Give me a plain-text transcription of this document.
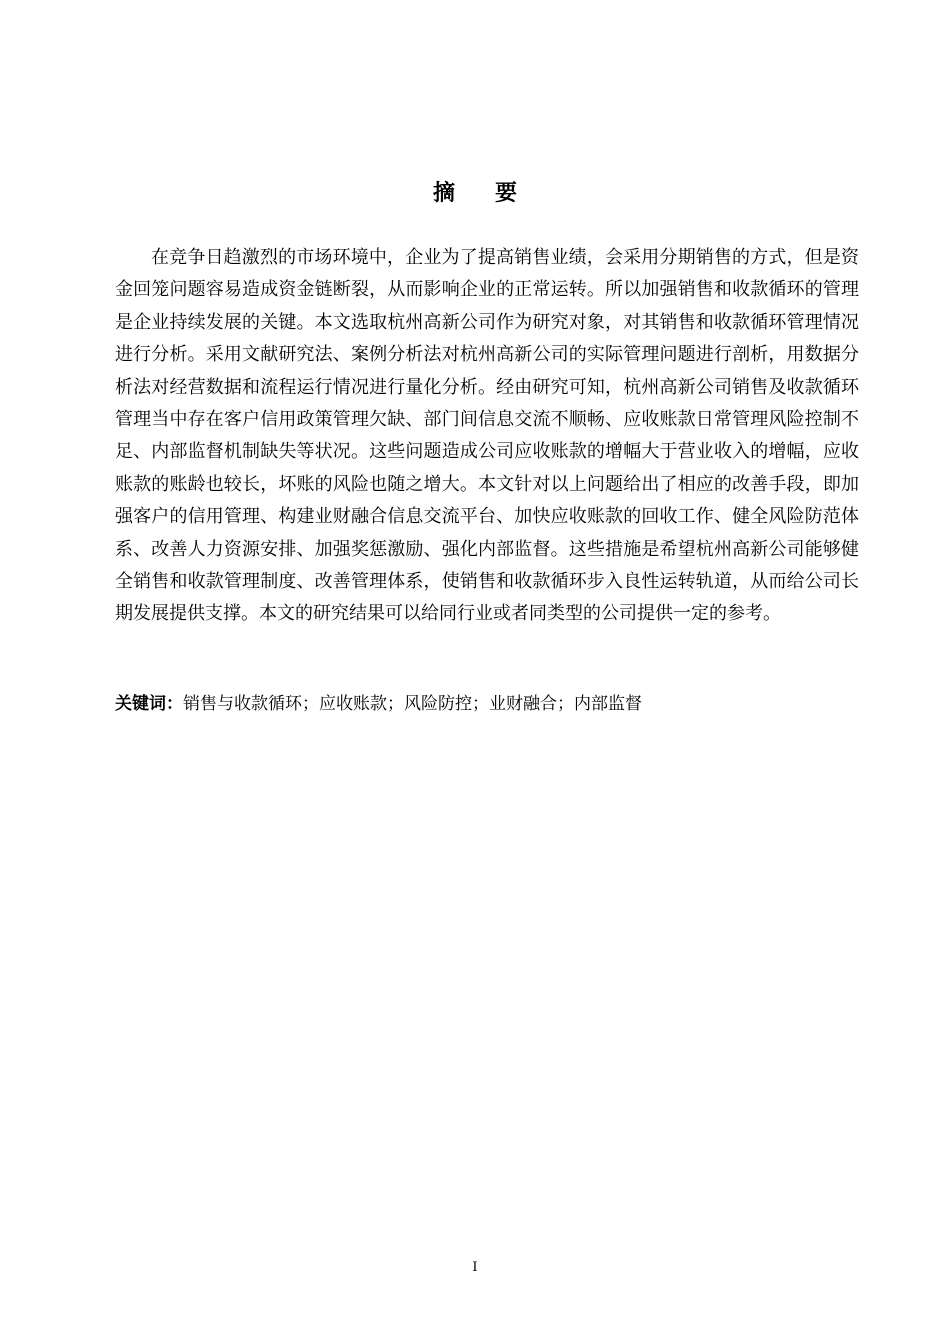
摘要

在竞争日趋激烈的市场环境中，企业为了提高销售业绩，会采用分期销售的方式，但是资金回笼问题容易造成资金链断裂，从而影响企业的正常运转。所以加强销售和收款循环的管理是企业持续发展的关键。本文选取杭州高新公司作为研究对象，对其销售和收款循环管理情况进行分析。采用文献研究法、案例分析法对杭州高新公司的实际管理问题进行剖析，用数据分析法对经营数据和流程运行情况进行量化分析。经由研究可知，杭州高新公司销售及收款循环管理当中存在客户信用政策管理欠缺、部门间信息交流不顺畅、应收账款日常管理风险控制不足、内部监督机制缺失等状况。这些问题造成公司应收账款的增幅大于营业收入的增幅，应收账款的账龄也较长，坏账的风险也随之增大。本文针对以上问题给出了相应的改善手段，即加强客户的信用管理、构建业财融合信息交流平台、加快应收账款的回收工作、健全风险防范体系、改善人力资源安排、加强奖惩激励、强化内部监督。这些措施是希望杭州高新公司能够健全销售和收款管理制度、改善管理体系，使销售和收款循环步入良性运转轨道，从而给公司长期发展提供支撑。本文的研究结果可以给同行业或者同类型的公司提供一定的参考。

关键词：销售与收款循环；应收账款；风险防控；业财融合；内部监督

I
